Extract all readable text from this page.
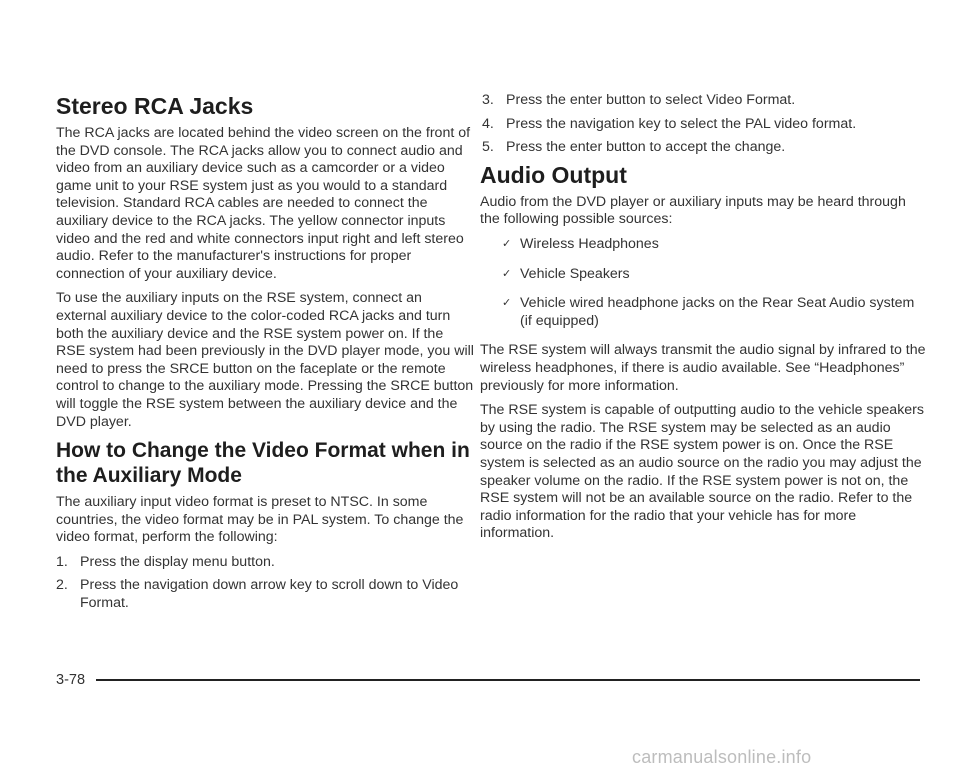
Stereo RCA Jacks

The RCA jacks are located behind the video screen on the front of the DVD console. The RCA jacks allow you to connect audio and video from an auxiliary device such as a camcorder or a video game unit to your RSE system just as you would to a standard television. Standard RCA cables are needed to connect the auxiliary device to the RCA jacks. The yellow connector inputs video and the red and white connectors input right and left stereo audio. Refer to the manufacturer's instructions for proper connection of your auxiliary device.

To use the auxiliary inputs on the RSE system, connect an external auxiliary device to the color-coded RCA jacks and turn both the auxiliary device and the RSE system power on. If the RSE system had been previously in the DVD player mode, you will need to press the SRCE button on the faceplate or the remote control to change to the auxiliary mode. Pressing the SRCE button will toggle the RSE system between the auxiliary device and the DVD player.

How to Change the Video Format when in the Auxiliary Mode

The auxiliary input video format is preset to NTSC. In some countries, the video format may be in PAL system. To change the video format, perform the following:

1. Press the display menu button.
2. Press the navigation down arrow key to scroll down to Video Format.
3. Press the enter button to select Video Format.
4. Press the navigation key to select the PAL video format.
5. Press the enter button to accept the change.
Audio Output

Audio from the DVD player or auxiliary inputs may be heard through the following possible sources:

✓ Wireless Headphones
✓ Vehicle Speakers
✓ Vehicle wired headphone jacks on the Rear Seat Audio system (if equipped)

The RSE system will always transmit the audio signal by infrared to the wireless headphones, if there is audio available. See “Headphones” previously for more information.

The RSE system is capable of outputting audio to the vehicle speakers by using the radio. The RSE system may be selected as an audio source on the radio if the RSE system power is on. Once the RSE system is selected as an audio source on the radio you may adjust the speaker volume on the radio. If the RSE system power is not on, the RSE system will not be an available source on the radio. Refer to the radio information for the radio that your vehicle has for more information.

3-78
carmanualsonline.info
